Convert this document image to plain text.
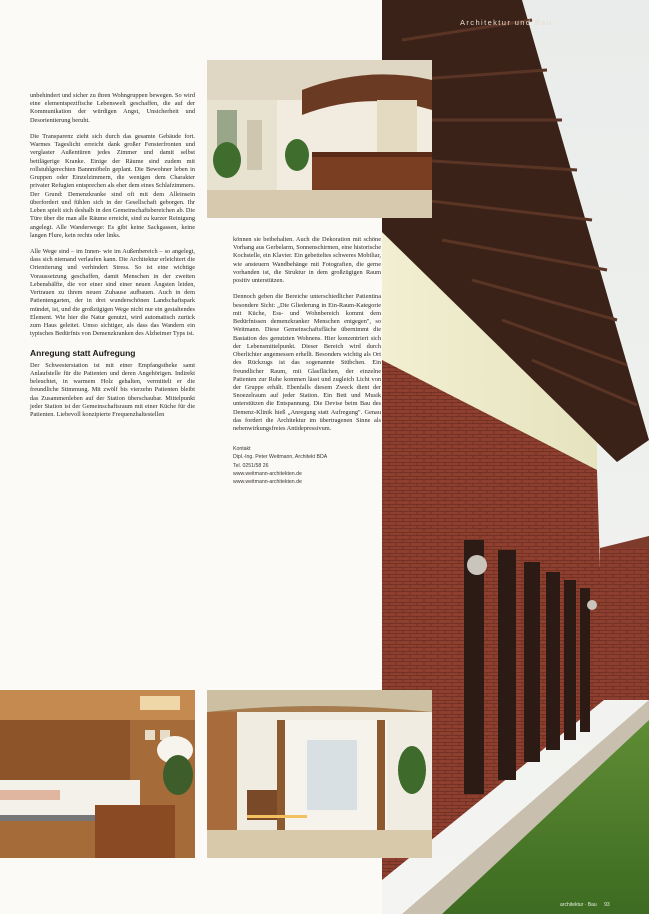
Architektur und Bau

unbehindert und sicher zu ihren Wohngruppen bewegen. So wird eine elementspezifische Lebenswelt geschaffen, die auf der Kommunikation der würdigen Angst, Unsicherheit und Desorientierung beruht.

Die Transparenz zieht sich durch das gesamte Gebäude fort. Warmes Tageslicht erreicht dank großer Fensterfronten und verglaster Außentüren jedes Zimmer und damit selbst bettlägerige Kranke. Einige der Räume sind zudem mit rollstuhlgerechten Bannmöbeln geplant. Die Bewohner leben in Gruppen oder Einzelzimmern, die wenigen dem Charakter privater Refugien entsprechen als eher dem eines Schlafzimmers. Der Grund: Demenzkranke sind oft mit dem Alleinsein überfordert und fühlen sich in der Gesellschaft geborgen. Ihr Leben spielt sich deshalb in den Gemeinschaftsbereichen ab. Die Türe über die man alle Räume erreicht, sind zu kurzer Reinigung angelegt. Alle Wanderwege: Es gibt keine Sackgassen, keine langen Flure, kein rechts oder links.

Alle Wege sind – im Innen- wie im Außenbereich – so angelegt, dass sich niemand verlaufen kann. Die Architektur erleichtert die Orientierung und verhindert Stress. So ist eine wichtige Voraussetzung geschaffen, damit Menschen in der zweiten Lebenshälfte, die vor einer sind einer neuen Ängsten leiden, Vertrauen zu ihrem neuen Zuhause aufbauen. Auch in dem Patientengarten, der in drei wunderschönen Landschaftspark mündet, ist, und die großzügigen Wege nicht nur ein gestaltendes Element. Wie hier die Natur genutzt, wird automatisch zurück zum Haus geleitet. Umso sichtiger, als dass das Wandern ein typisches Bedürfnis von Demenzkranken des Alzheimer Typs ist.

Anregung statt Aufregung

Der Schwesterstation ist mit einer Empfangstheke samt Anlaufstelle für die Patienten und deren Angehörigen. Indirekt beleuchtet, in warmem Holz gehalten, vermittelt er die freundliche Stimmung. Mit zwölf bis vierzehn Patienten bleibt das Zusammenleben auf der Station überschaubar. Mittelpunkt jeder Station ist der Gemeinschaftsraum mit einer Küche für die Patienten. Liebevoll konzipierte Frequenzhaltestellen

können sie beibehalten. Auch die Dekoration mit schöne Vorhang aus Gerbelarm, Sonnenschirmen, eine historische Kochstelle, ein Klavier. Ein gebetteltes schweres Mobiliar, wie ansteuern Wandbehänge mit Fotografien, die gerne vorhanden ist, die Struktur in dem großzügigen Raum positiv unterstützen.

Dennoch geben die Bereiche unterschiedlicher Patientina besondere Sicht: „Die Gliederung in Ein-Raum-Kategorie mit Küche, Ess- und Wohnbereich kommt dem Bedürfnissen demenzkranker Menschen entgegen", so Weitmann. Diese Gemeinschaftsfläche übernimmt die Bastation des genutzten Wohnens. Hier konzentriert sich der Lebensmittelpunkt. Dieser Bereich wird durch Oberlichter angemessen erhellt. Besonders wichtig als Ort des Rückzugs ist das sogenannte Stübchen. Ein freundlicher Raum, mit Glasflächen, der einzelne Patienten zur Ruhe kommen lässt und zugleich Licht von der Gruppe erhält. Ebenfalls diesem Zweck dient der Snoezelraum auf jeder Station. Ein Bett und Musik unterstützen die Entspannung. Die Devise beim Bau des Demenz-Klinik hieß „Anregung statt Aufregung". Genau das fordert die Architektur im übertragenen Sinne als nebenwirkungsfreies Antidepressivum.

Kontakt
Dipl.-Ing. Peter Weitmann, Architekt BDA
Tel. 0251/58 26
www.weitmann-architekten.de
www.weitmann-architekten.de
architektur · Bau 93
